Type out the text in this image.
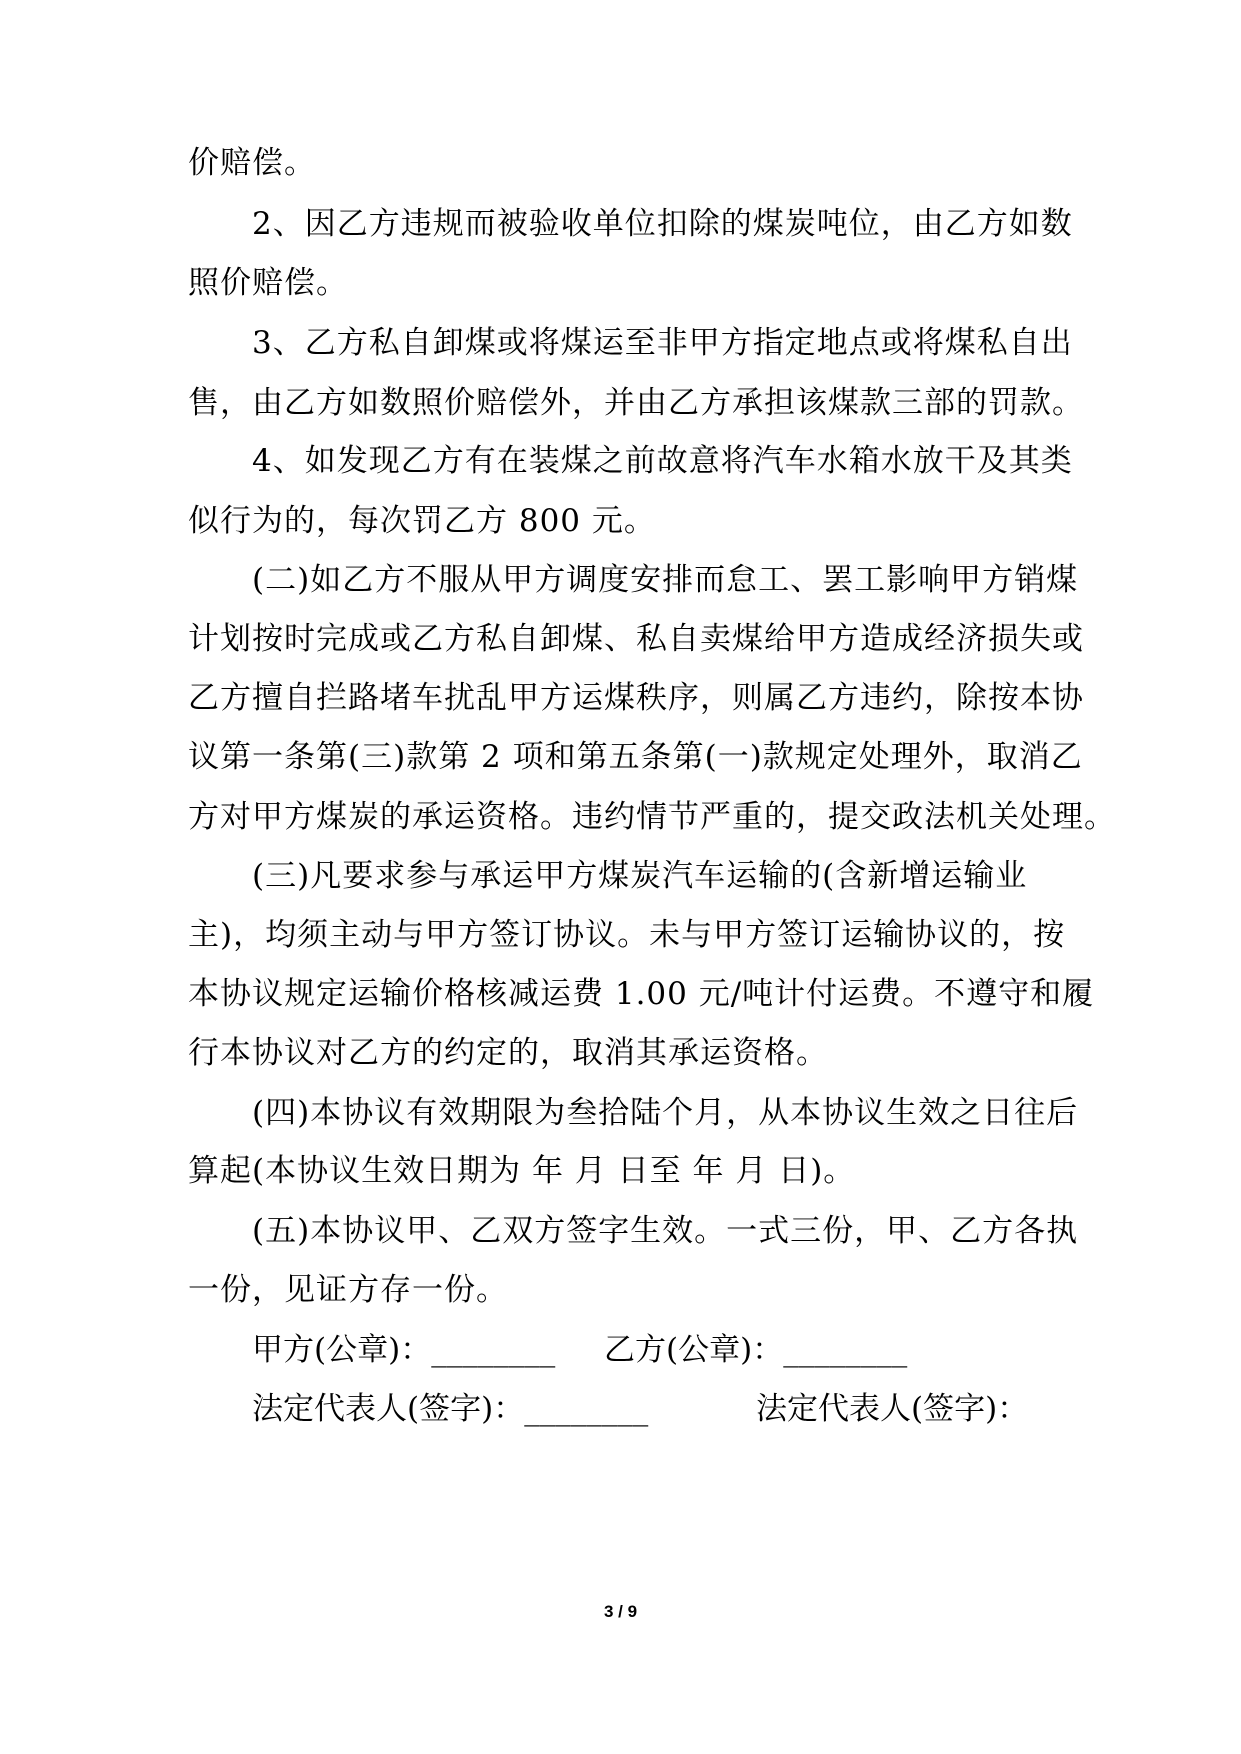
价赔偿。
2、因乙方违规而被验收单位扣除的煤炭吨位，由乙方如数
照价赔偿。
3、乙方私自卸煤或将煤运至非甲方指定地点或将煤私自出
售，由乙方如数照价赔偿外，并由乙方承担该煤款三部的罚款。
4、如发现乙方有在装煤之前故意将汽车水箱水放干及其类
似行为的，每次罚乙方 800 元。
(二)如乙方不服从甲方调度安排而怠工、罢工影响甲方销煤
计划按时完成或乙方私自卸煤、私自卖煤给甲方造成经济损失或
乙方擅自拦路堵车扰乱甲方运煤秩序，则属乙方违约，除按本协
议第一条第(三)款第 2 项和第五条第(一)款规定处理外，取消乙
方对甲方煤炭的承运资格。违约情节严重的，提交政法机关处理。
(三)凡要求参与承运甲方煤炭汽车运输的(含新增运输业
主)，均须主动与甲方签订协议。未与甲方签订运输协议的，按
本协议规定运输价格核减运费 1.00 元/吨计付运费。不遵守和履
行本协议对乙方的约定的，取消其承运资格。
(四)本协议有效期限为叁拾陆个月，从本协议生效之日往后
算起(本协议生效日期为 年 月 日至 年 月 日)。
(五)本协议甲、乙双方签字生效。一式三份，甲、乙方各执
一份，见证方存一份。
甲方(公章)：________ 乙方(公章)：________
法定代表人(签字)：________	法定代表人(签字)：
3 / 9
